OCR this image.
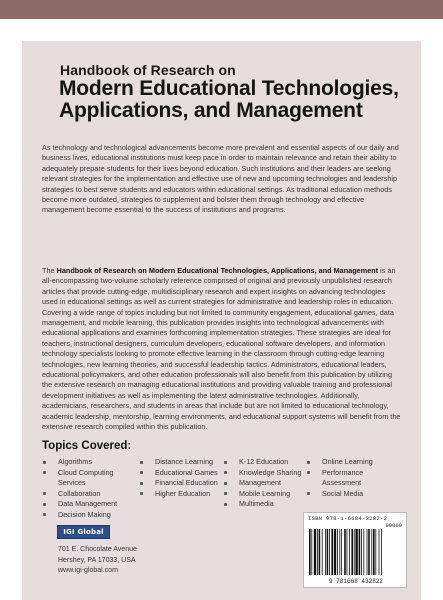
Handbook of Research on
Modern Educational Technologies, Applications, and Management

As technology and technological advancements become more prevalent and essential aspects of our daily and business lives, educational institutions must keep pace in order to maintain relevance and retain their ability to adequately prepare students for their lives beyond education. Such institutions and their leaders are seeking relevant strategies for the implementation and effective use of new and upcoming technologies and leadership strategies to best serve students and educators within educational settings. As traditional education methods become more outdated, strategies to supplement and bolster them through technology and effective management become essential to the success of institutions and programs.

The Handbook of Research on Modern Educational Technologies, Applications, and Management is an all-encompassing two-volume scholarly reference comprised of original and previously unpublished research articles that provide cutting-edge, multidisciplinary research and expert insights on advancing technologies used in educational settings as well as current strategies for administrative and leadership roles in education. Covering a wide range of topics including but not limited to community engagement, educational games, data management, and mobile learning, this publication provides insights into technological advancements with educational applications and examines forthcoming implementation strategies. These strategies are ideal for teachers, instructional designers, curriculum developers, educational software developers, and information technology specialists looking to promote effective learning in the classroom through cutting-edge learning technologies, new learning theories, and successful leadership tactics. Administrators, educational leaders, educational policymakers, and other education professionals will also benefit from this publication by utilizing the extensive research on managing educational institutions and providing valuable training and professional development initiatives as well as implementing the latest administrative technologies. Additionally, academicians, researchers, and students in areas that include but are not limited to educational technology, academic leadership, mentorship, learning environments, and educational support systems will benefit from the extensive research compiled within this publication.

Topics Covered:
Algorithms
Cloud Computing Services
Collaboration
Data Management
Decision Making
Distance Learning
Educational Games
Financial Education
Higher Education
K-12 Education
Knowledge Sharing
Management
Mobile Learning
Multimedia
Online Learning
Performance Assessment
Social Media
IGI Global
701 E. Chocolate Avenue
Hershey, PA 17033, USA
www.igi-global.com
ISBN 978-1-6684-3282-2
90000
9 781668 432822
